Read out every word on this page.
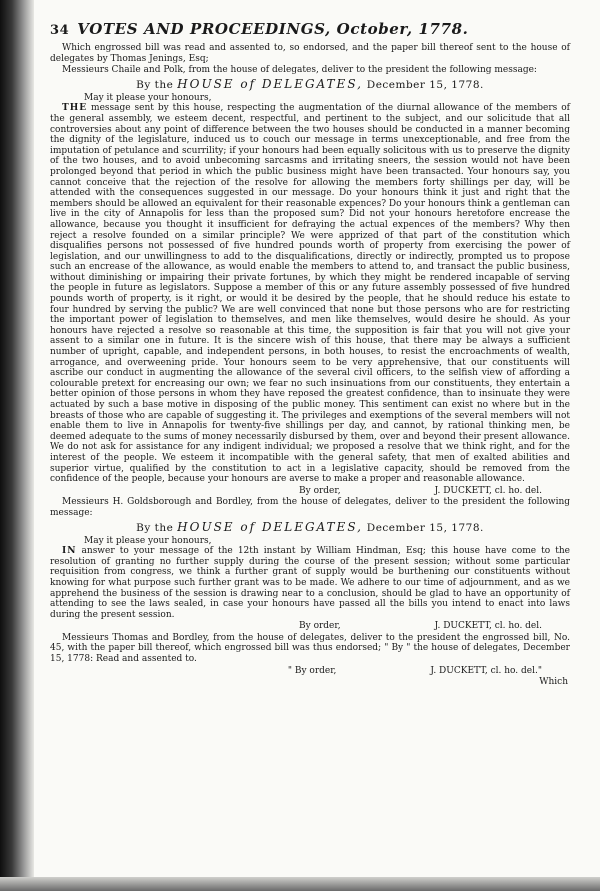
34 VOTES AND PROCEEDINGS, October, 1778.

Which engrossed bill was read and assented to, so endorsed, and the paper bill thereof sent to the house of delegates by Thomas Jenings, Esq;

Messieurs Chaile and Polk, from the house of delegates, deliver to the president the following message:

By the HOUSE of DELEGATES, December 15, 1778.

May it please your honours,

THE message sent by this house, respecting the augmentation of the diurnal allowance of the members of the general assembly, we esteem decent, respectful, and pertinent to the subject, and our solicitude that all controversies about any point of difference between the two houses should be conducted in a manner becoming the dignity of the legislature, induced us to couch our message in terms unexceptionable, and free from the imputation of petulance and scurrility; if your honours had been equally solicitous with us to preserve the dignity of the two houses, and to avoid unbecoming sarcasms and irritating sneers, the session would not have been prolonged beyond that period in which the public business might have been transacted. Your honours say, you cannot conceive that the rejection of the resolve for allowing the members forty shillings per day, will be attended with the consequences suggested in our message. Do your honours think it just and right that the members should be allowed an equivalent for their reasonable expences? Do your honours think a gentleman can live in the city of Annapolis for less than the proposed sum? Did not your honours heretofore encrease the allowance, because you thought it insufficient for defraying the actual expences of the members? Why then reject a resolve founded on a similar principle? We were apprized of that part of the constitution which disqualifies persons not possessed of five hundred pounds worth of property from exercising the power of legislation, and our unwillingness to add to the disqualifications, directly or indirectly, prompted us to propose such an encrease of the allowance, as would enable the members to attend to, and transact the public business, without diminishing or impairing their private fortunes, by which they might be rendered incapable of serving the people in future as legislators. Suppose a member of this or any future assembly possessed of five hundred pounds worth of property, is it right, or would it be desired by the people, that he should reduce his estate to four hundred by serving the public? We are well convinced that none but those persons who are for restricting the important power of legislation to themselves, and men like themselves, would desire he should. As your honours have rejected a resolve so reasonable at this time, the supposition is fair that you will not give your assent to a similar one in future. It is the sincere wish of this house, that there may be always a sufficient number of upright, capable, and independent persons, in both houses, to resist the encroachments of wealth, arrogance, and overweening pride. Your honours seem to be very apprehensive, that our constituents will ascribe our conduct in augmenting the allowance of the several civil officers, to the selfish view of affording a colourable pretext for encreasing our own; we fear no such insinuations from our constituents, they entertain a better opinion of those persons in whom they have reposed the greatest confidence, than to insinuate they were actuated by such a base motive in disposing of the public money. This sentiment can exist no where but in the breasts of those who are capable of suggesting it. The privileges and exemptions of the several members will not enable them to live in Annapolis for twenty-five shillings per day, and cannot, by rational thinking men, be deemed adequate to the sums of money necessarily disbursed by them, over and beyond their present allowance. We do not ask for assistance for any indigent individual; we proposed a resolve that we think right, and for the interest of the people. We esteem it incompatible with the general safety, that men of exalted abilities and superior virtue, qualified by the constitution to act in a legislative capacity, should be removed from the confidence of the people, because your honours are averse to make a proper and reasonable allowance.

By order,	J. DUCKETT, cl. ho. del.

Messieurs H. Goldsborough and Bordley, from the house of delegates, deliver to the president the following message:

By the HOUSE of DELEGATES, December 15, 1778.

May it please your honours,

IN answer to your message of the 12th instant by William Hindman, Esq; this house have come to the resolution of granting no further supply during the course of the present session; without some particular requisition from congress, we think a further grant of supply would be burthening our constituents without knowing for what purpose such further grant was to be made. We adhere to our time of adjournment, and as we apprehend the business of the session is drawing near to a conclusion, should be glad to have an opportunity of attending to see the laws sealed, in case your honours have passed all the bills you intend to enact into laws during the present session.

By order,	J. DUCKETT, cl. ho. del.

Messieurs Thomas and Bordley, from the house of delegates, deliver to the president the engrossed bill, No. 45, with the paper bill thereof, which engrossed bill was thus endorsed; " By " the house of delegates, December 15, 1778: Read and assented to.

" By order,	J. DUCKETT, cl. ho. del."

Which
